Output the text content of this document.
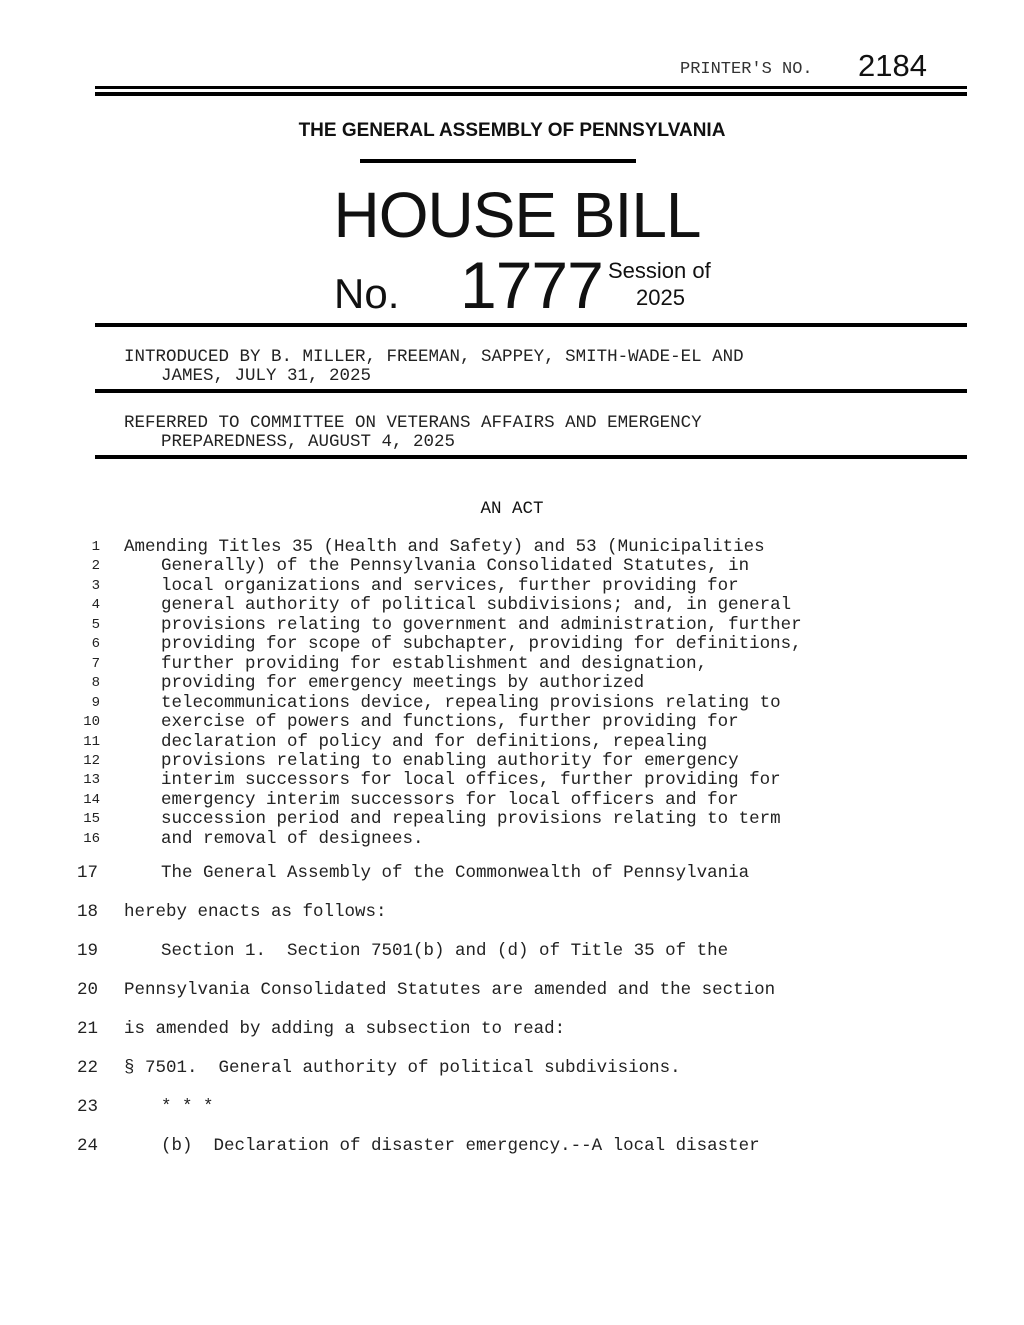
PRINTER'S NO. 2184
THE GENERAL ASSEMBLY OF PENNSYLVANIA
HOUSE BILL
No. 1777 Session of
2025
INTRODUCED BY B. MILLER, FREEMAN, SAPPEY, SMITH-WADE-EL AND
JAMES, JULY 31, 2025
REFERRED TO COMMITTEE ON VETERANS AFFAIRS AND EMERGENCY
PREPAREDNESS, AUGUST 4, 2025
AN ACT
1 Amending Titles 35 (Health and Safety) and 53 (Municipalities
2	Generally) of the Pennsylvania Consolidated Statutes, in
3	local organizations and services, further providing for
4	general authority of political subdivisions; and, in general
5	provisions relating to government and administration, further
6	providing for scope of subchapter, providing for definitions,
7	further providing for establishment and designation,
8	providing for emergency meetings by authorized
9	telecommunications device, repealing provisions relating to
10	exercise of powers and functions, further providing for
11	declaration of policy and for definitions, repealing
12	provisions relating to enabling authority for emergency
13	interim successors for local offices, further providing for
14	emergency interim successors for local officers and for
15	succession period and repealing provisions relating to term
16	and removal of designees.
17	The General Assembly of the Commonwealth of Pennsylvania
18 hereby enacts as follows:
19	Section 1.  Section 7501(b) and (d) of Title 35 of the
20 Pennsylvania Consolidated Statutes are amended and the section
21 is amended by adding a subsection to read:
22 § 7501.  General authority of political subdivisions.
23	* * *
24	(b)  Declaration of disaster emergency.--A local disaster
